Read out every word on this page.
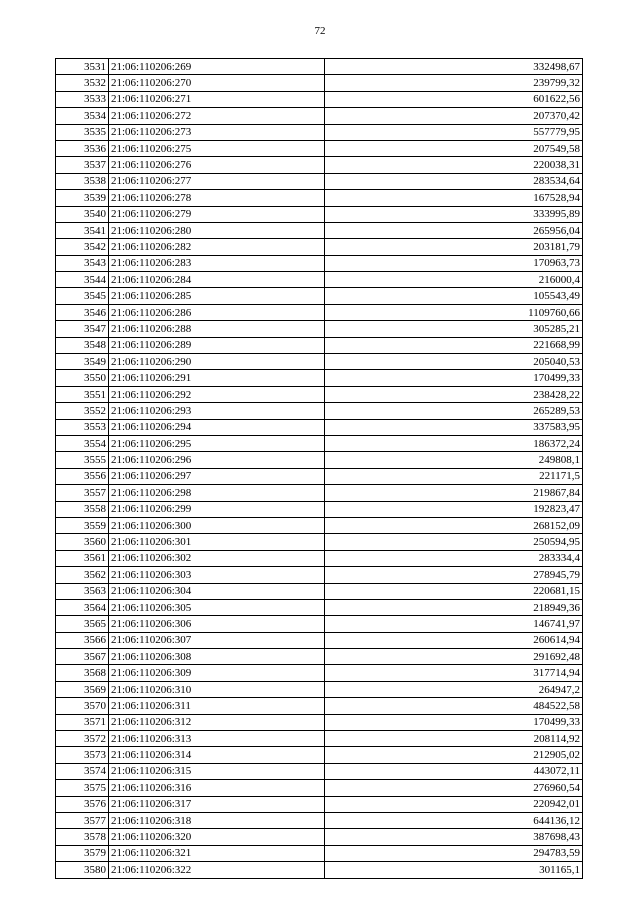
72
3531	21:06:110206:269	332498,67
3532	21:06:110206:270	239799,32
3533	21:06:110206:271	601622,56
3534	21:06:110206:272	207370,42
3535	21:06:110206:273	557779,95
3536	21:06:110206:275	207549,58
3537	21:06:110206:276	220038,31
3538	21:06:110206:277	283534,64
3539	21:06:110206:278	167528,94
3540	21:06:110206:279	333995,89
3541	21:06:110206:280	265956,04
3542	21:06:110206:282	203181,79
3543	21:06:110206:283	170963,73
3544	21:06:110206:284	216000,4
3545	21:06:110206:285	105543,49
3546	21:06:110206:286	1109760,66
3547	21:06:110206:288	305285,21
3548	21:06:110206:289	221668,99
3549	21:06:110206:290	205040,53
3550	21:06:110206:291	170499,33
3551	21:06:110206:292	238428,22
3552	21:06:110206:293	265289,53
3553	21:06:110206:294	337583,95
3554	21:06:110206:295	186372,24
3555	21:06:110206:296	249808,1
3556	21:06:110206:297	221171,5
3557	21:06:110206:298	219867,84
3558	21:06:110206:299	192823,47
3559	21:06:110206:300	268152,09
3560	21:06:110206:301	250594,95
3561	21:06:110206:302	283334,4
3562	21:06:110206:303	278945,79
3563	21:06:110206:304	220681,15
3564	21:06:110206:305	218949,36
3565	21:06:110206:306	146741,97
3566	21:06:110206:307	260614,94
3567	21:06:110206:308	291692,48
3568	21:06:110206:309	317714,94
3569	21:06:110206:310	264947,2
3570	21:06:110206:311	484522,58
3571	21:06:110206:312	170499,33
3572	21:06:110206:313	208114,92
3573	21:06:110206:314	212905,02
3574	21:06:110206:315	443072,11
3575	21:06:110206:316	276960,54
3576	21:06:110206:317	220942,01
3577	21:06:110206:318	644136,12
3578	21:06:110206:320	387698,43
3579	21:06:110206:321	294783,59
3580	21:06:110206:322	301165,1
